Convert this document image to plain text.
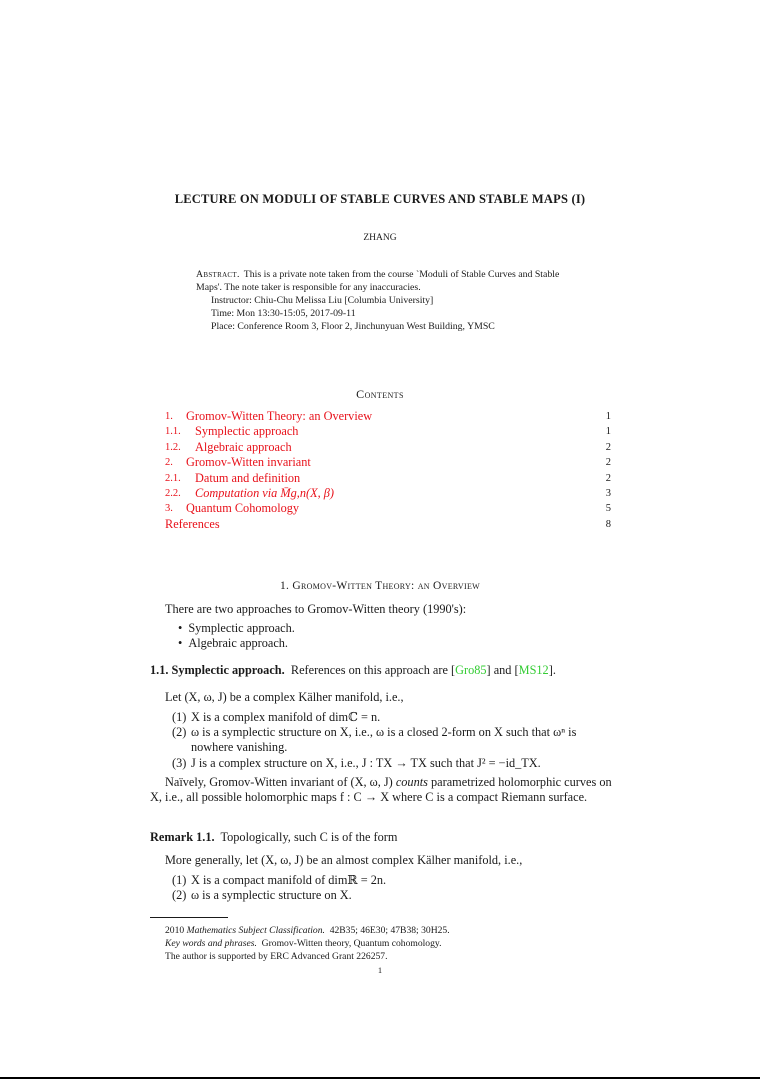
LECTURE ON MODULI OF STABLE CURVES AND STABLE MAPS (I)
ZHANG
Abstract. This is a private note taken from the course `Moduli of Stable Curves and Stable Maps'. The note taker is responsible for any inaccuracies.
Instructor: Chiu-Chu Melissa Liu [Columbia University]
Time: Mon 13:30-15:05, 2017-09-11
Place: Conference Room 3, Floor 2, Jinchunyuan West Building, YMSC
Contents
1.	Gromov-Witten Theory: an Overview	1
1.1.	Symplectic approach	1
1.2.	Algebraic approach	2
2.	Gromov-Witten invariant	2
2.1.	Datum and definition	2
2.2.	Computation via M̄g,n(X, β)	3
3.	Quantum Cohomology	5
References	8
1. Gromov-Witten Theory: an Overview
There are two approaches to Gromov-Witten theory (1990's):
• Symplectic approach.
• Algebraic approach.
1.1. Symplectic approach. References on this approach are [Gro85] and [MS12].
Let (X, ω, J) be a complex Kälher manifold, i.e.,
(1) X is a complex manifold of dimℂ = n.
(2) ω is a symplectic structure on X, i.e., ω is a closed 2-form on X such that ωⁿ is nowhere vanishing.
(3) J is a complex structure on X, i.e., J : TX → TX such that J² = −id_TX.
Naïvely, Gromov-Witten invariant of (X, ω, J) counts parametrized holomorphic curves on X, i.e., all possible holomorphic maps f : C → X where C is a compact Riemann surface.
Remark 1.1. Topologically, such C is of the form
More generally, let (X, ω, J) be an almost complex Kälher manifold, i.e.,
(1) X is a compact manifold of dimℝ = 2n.
(2) ω is a symplectic structure on X.
2010 Mathematics Subject Classification. 42B35; 46E30; 47B38; 30H25.
Key words and phrases. Gromov-Witten theory, Quantum cohomology.
The author is supported by ERC Advanced Grant 226257.
1
